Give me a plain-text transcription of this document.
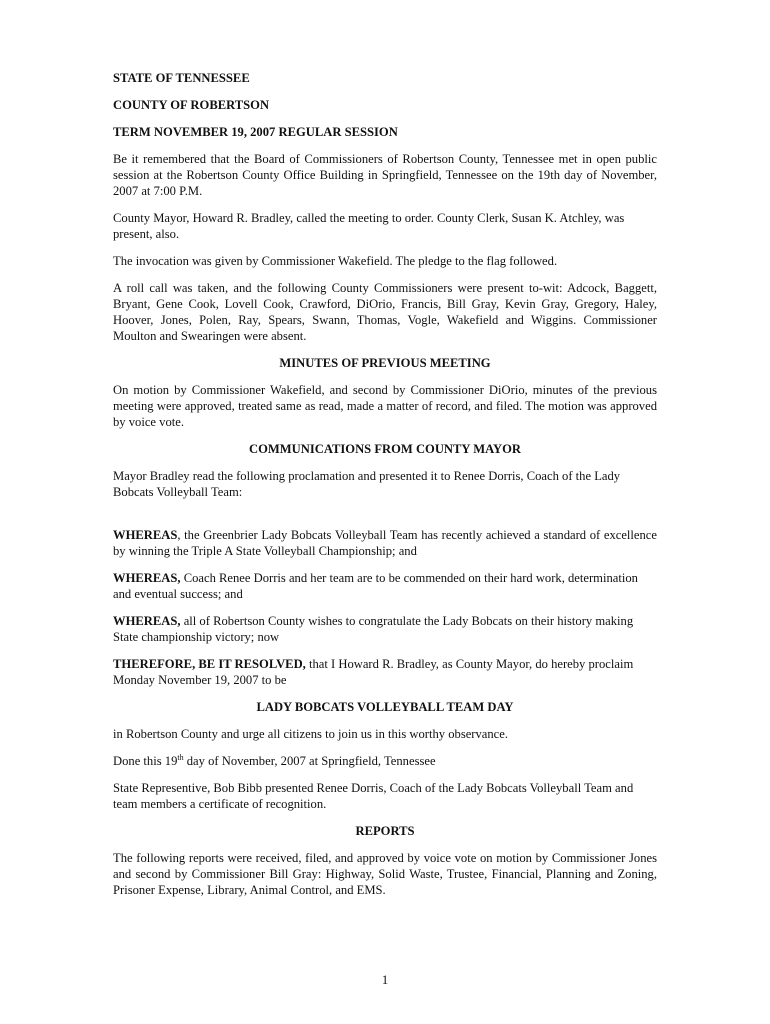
STATE OF TENNESSEE
COUNTY OF ROBERTSON
TERM NOVEMBER 19, 2007 REGULAR SESSION

Be it remembered that the Board of Commissioners of Robertson County, Tennessee met in open public session at the Robertson County Office Building in Springfield, Tennessee on the 19th day of November, 2007 at 7:00 P.M.

County Mayor, Howard R. Bradley, called the meeting to order. County Clerk, Susan K. Atchley, was present, also.

The invocation was given by Commissioner Wakefield. The pledge to the flag followed.

A roll call was taken, and the following County Commissioners were present to-wit: Adcock, Baggett, Bryant, Gene Cook, Lovell Cook, Crawford, DiOrio, Francis, Bill Gray, Kevin Gray, Gregory, Haley, Hoover, Jones, Polen, Ray, Spears, Swann, Thomas, Vogle, Wakefield and Wiggins. Commissioner Moulton and Swearingen were absent.

MINUTES OF PREVIOUS MEETING

On motion by Commissioner Wakefield, and second by Commissioner DiOrio, minutes of the previous meeting were approved, treated same as read, made a matter of record, and filed. The motion was approved by voice vote.

COMMUNICATIONS FROM COUNTY MAYOR

Mayor Bradley read the following proclamation and presented it to Renee Dorris, Coach of the Lady Bobcats Volleyball Team:

WHEREAS, the Greenbrier Lady Bobcats Volleyball Team has recently achieved a standard of excellence by winning the Triple A State Volleyball Championship; and

WHEREAS, Coach Renee Dorris and her team are to be commended on their hard work, determination and eventual success; and

WHEREAS, all of Robertson County wishes to congratulate the Lady Bobcats on their history making State championship victory; now

THEREFORE, BE IT RESOLVED, that I Howard R. Bradley, as County Mayor, do hereby proclaim Monday November 19, 2007 to be

LADY BOBCATS VOLLEYBALL TEAM DAY

in Robertson County and urge all citizens to join us in this worthy observance.

Done this 19th day of November, 2007 at Springfield, Tennessee

State Representive, Bob Bibb presented Renee Dorris, Coach of the Lady Bobcats Volleyball Team and team members a certificate of recognition.

REPORTS

The following reports were received, filed, and approved by voice vote on motion by Commissioner Jones and second by Commissioner Bill Gray: Highway, Solid Waste, Trustee, Financial, Planning and Zoning, Prisoner Expense, Library, Animal Control, and EMS.

1
